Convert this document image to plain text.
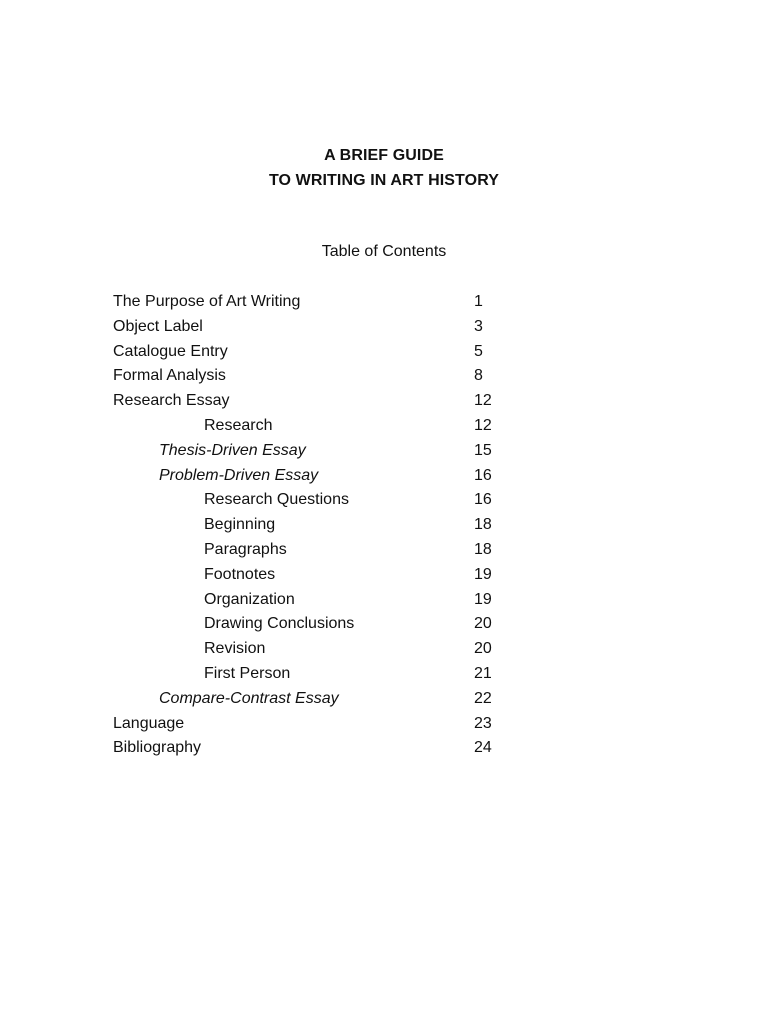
A BRIEF GUIDE
TO WRITING IN ART HISTORY
Table of Contents
The Purpose of Art Writing	1
Object Label	3
Catalogue Entry	5
Formal Analysis	8
Research Essay	12
Research	12
Thesis-Driven Essay	15
Problem-Driven Essay	16
Research Questions	16
Beginning	18
Paragraphs	18
Footnotes	19
Organization	19
Drawing Conclusions	20
Revision	20
First Person	21
Compare-Contrast Essay	22
Language	23
Bibliography	24
